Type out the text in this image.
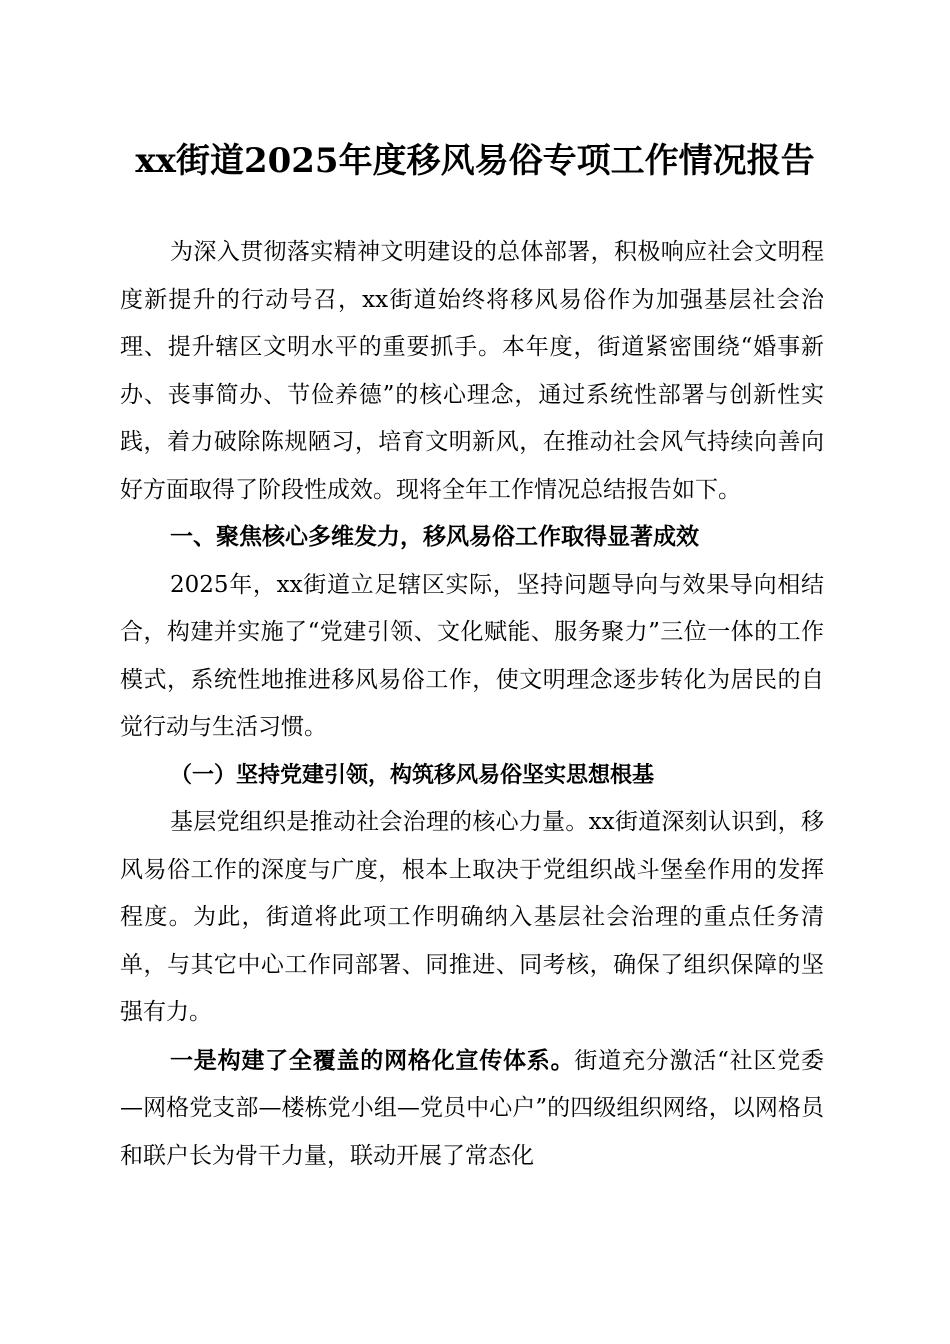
xx街道2025年度移风易俗专项工作情况报告

为深入贯彻落实精神文明建设的总体部署，积极响应社会文明程度新提升的行动号召，xx街道始终将移风易俗作为加强基层社会治理、提升辖区文明水平的重要抓手。本年度，街道紧密围绕“婚事新办、丧事简办、节俭养德”的核心理念，通过系统性部署与创新性实践，着力破除陈规陋习，培育文明新风，在推动社会风气持续向善向好方面取得了阶段性成效。现将全年工作情况总结报告如下。

一、聚焦核心多维发力，移风易俗工作取得显著成效

2025年，xx街道立足辖区实际，坚持问题导向与效果导向相结合，构建并实施了“党建引领、文化赋能、服务聚力”三位一体的工作模式，系统性地推进移风易俗工作，使文明理念逐步转化为居民的自觉行动与生活习惯。

（一）坚持党建引领，构筑移风易俗坚实思想根基

基层党组织是推动社会治理的核心力量。xx街道深刻认识到，移风易俗工作的深度与广度，根本上取决于党组织战斗堡垒作用的发挥程度。为此，街道将此项工作明确纳入基层社会治理的重点任务清单，与其它中心工作同部署、同推进、同考核，确保了组织保障的坚强有力。

一是构建了全覆盖的网格化宣传体系。街道充分激活“社区党委—网格党支部—楼栋党小组—党员中心户”的四级组织网络，以网格员和联户长为骨干力量，联动开展了常态化
